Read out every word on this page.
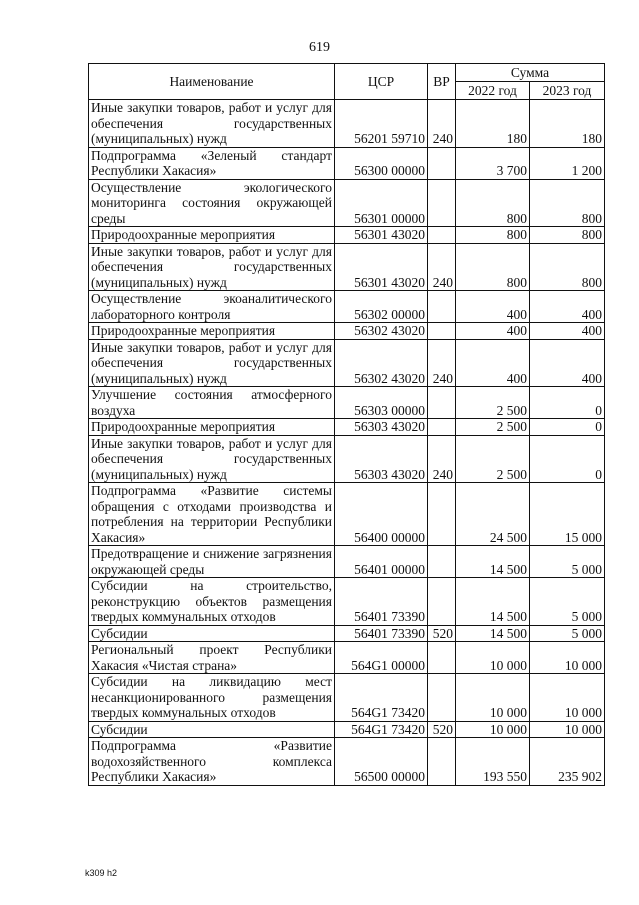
619
Наименование	ЦСР	ВР	Сумма	
			2022 год	2023 год
Иные закупки товаров, работ и услуг для обеспечения государственных (муниципальных) нужд	56201 59710	240	180	180
Подпрограмма «Зеленый стандарт Республики Хакасия»	56300 00000		3 700	1 200
Осуществление экологического мониторинга состояния окружающей среды	56301 00000		800	800
Природоохранные мероприятия	56301 43020		800	800
Иные закупки товаров, работ и услуг для обеспечения государственных (муниципальных) нужд	56301 43020	240	800	800
Осуществление экоаналитического лабораторного контроля	56302 00000		400	400
Природоохранные мероприятия	56302 43020		400	400
Иные закупки товаров, работ и услуг для обеспечения государственных (муниципальных) нужд	56302 43020	240	400	400
Улучшение состояния атмосферного воздуха	56303 00000		2 500	0
Природоохранные мероприятия	56303 43020		2 500	0
Иные закупки товаров, работ и услуг для обеспечения государственных (муниципальных) нужд	56303 43020	240	2 500	0
Подпрограмма «Развитие системы обращения с отходами производства и потребления на территории Республики Хакасия»	56400 00000		24 500	15 000
Предотвращение и снижение загрязнения окружающей среды	56401 00000		14 500	5 000
Субсидии на строительство, реконструкцию объектов размещения твердых коммунальных отходов	56401 73390		14 500	5 000
Субсидии	56401 73390	520	14 500	5 000
Региональный проект Республики Хакасия «Чистая страна»	564G1 00000		10 000	10 000
Субсидии на ликвидацию мест несанкционированного размещения твердых коммунальных отходов	564G1 73420		10 000	10 000
Субсидии	564G1 73420	520	10 000	10 000
Подпрограмма «Развитие водохозяйственного комплекса Республики Хакасия»	56500 00000		193 550	235 902
k309 h2
